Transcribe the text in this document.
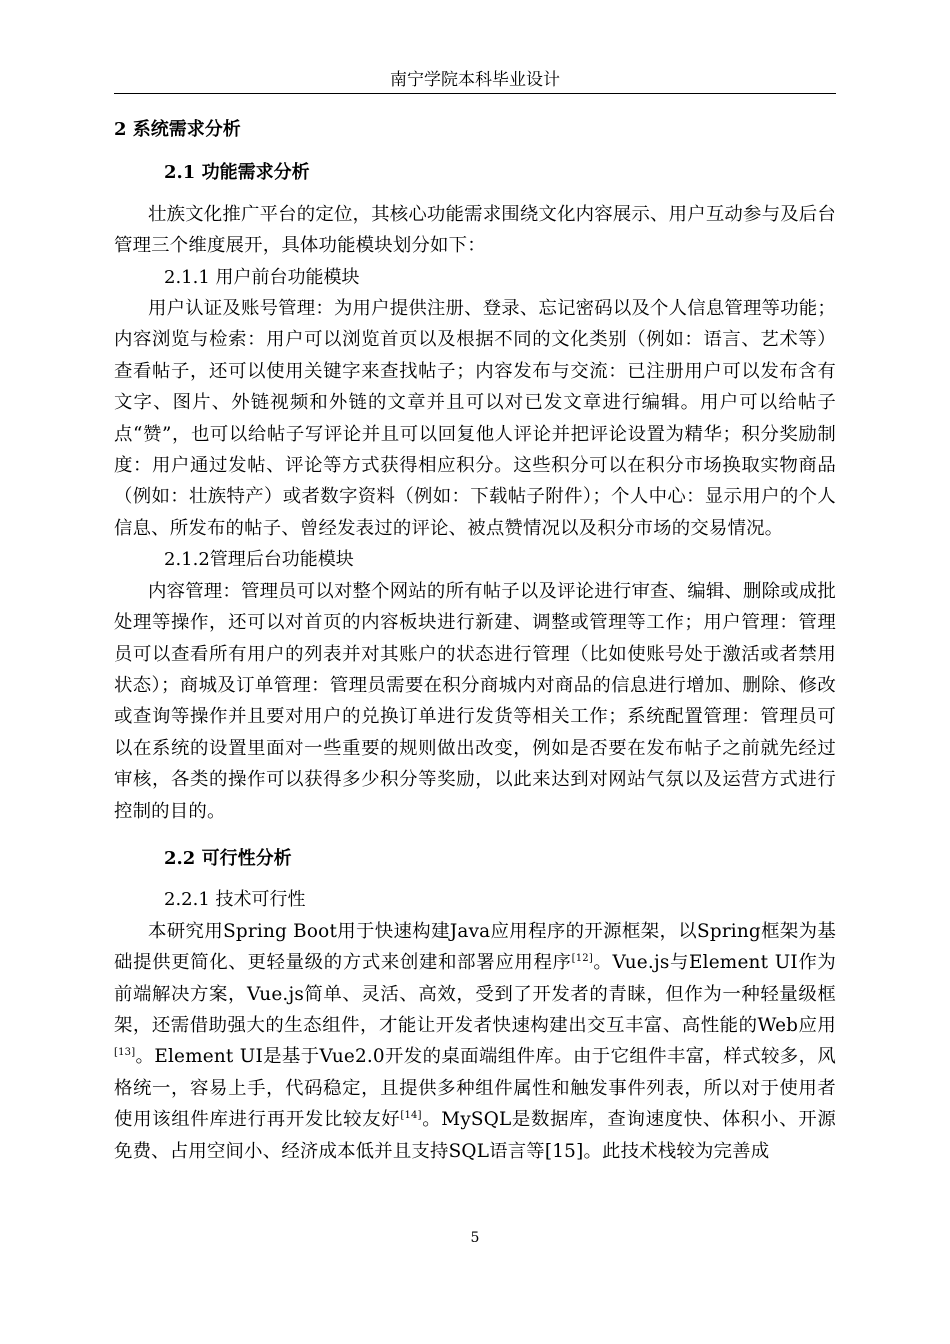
南宁学院本科毕业设计
2 系统需求分析
2.1 功能需求分析

壮族文化推广平台的定位，其核心功能需求围绕文化内容展示、用户互动参与及后台管理三个维度展开，具体功能模块划分如下：

2.1.1 用户前台功能模块

用户认证及账号管理：为用户提供注册、登录、忘记密码以及个人信息管理等功能；内容浏览与检索：用户可以浏览首页以及根据不同的文化类别（例如：语言、艺术等）查看帖子，还可以使用关键字来查找帖子；内容发布与交流：已注册用户可以发布含有文字、图片、外链视频和外链的文章并且可以对已发文章进行编辑。用户可以给帖子点“赞”，也可以给帖子写评论并且可以回复他人评论并把评论设置为精华；积分奖励制度：用户通过发帖、评论等方式获得相应积分。这些积分可以在积分市场换取实物商品（例如：壮族特产）或者数字资料（例如：下载帖子附件）；个人中心：显示用户的个人信息、所发布的帖子、曾经发表过的评论、被点赞情况以及积分市场的交易情况。

2.1.2管理后台功能模块

内容管理：管理员可以对整个网站的所有帖子以及评论进行审查、编辑、删除或成批处理等操作，还可以对首页的内容板块进行新建、调整或管理等工作；用户管理：管理员可以查看所有用户的列表并对其账户的状态进行管理（比如使账号处于激活或者禁用状态）；商城及订单管理：管理员需要在积分商城内对商品的信息进行增加、删除、修改或查询等操作并且要对用户的兑换订单进行发货等相关工作；系统配置管理：管理员可以在系统的设置里面对一些重要的规则做出改变，例如是否要在发布帖子之前就先经过审核，各类的操作可以获得多少积分等奖励，以此来达到对网站气氛以及运营方式进行控制的目的。

2.2 可行性分析
2.2.1 技术可行性

本研究用Spring Boot用于快速构建Java应用程序的开源框架，以Spring框架为基础提供更简化、更轻量级的方式来创建和部署应用程序[12]。Vue.js与Element UI作为前端解决方案，Vue.js简单、灵活、高效，受到了开发者的青睐，但作为一种轻量级框架，还需借助强大的生态组件，才能让开发者快速构建出交互丰富、高性能的Web应用[13]。Element UI是基于Vue2.0开发的桌面端组件库。由于它组件丰富，样式较多，风格统一，容易上手，代码稳定，且提供多种组件属性和触发事件列表，所以对于使用者使用该组件库进行再开发比较友好[14]。MySQL是数据库，查询速度快、体积小、开源免费、占用空间小、经济成本低并且支持SQL语言等[15]。此技术栈较为完善成

5
